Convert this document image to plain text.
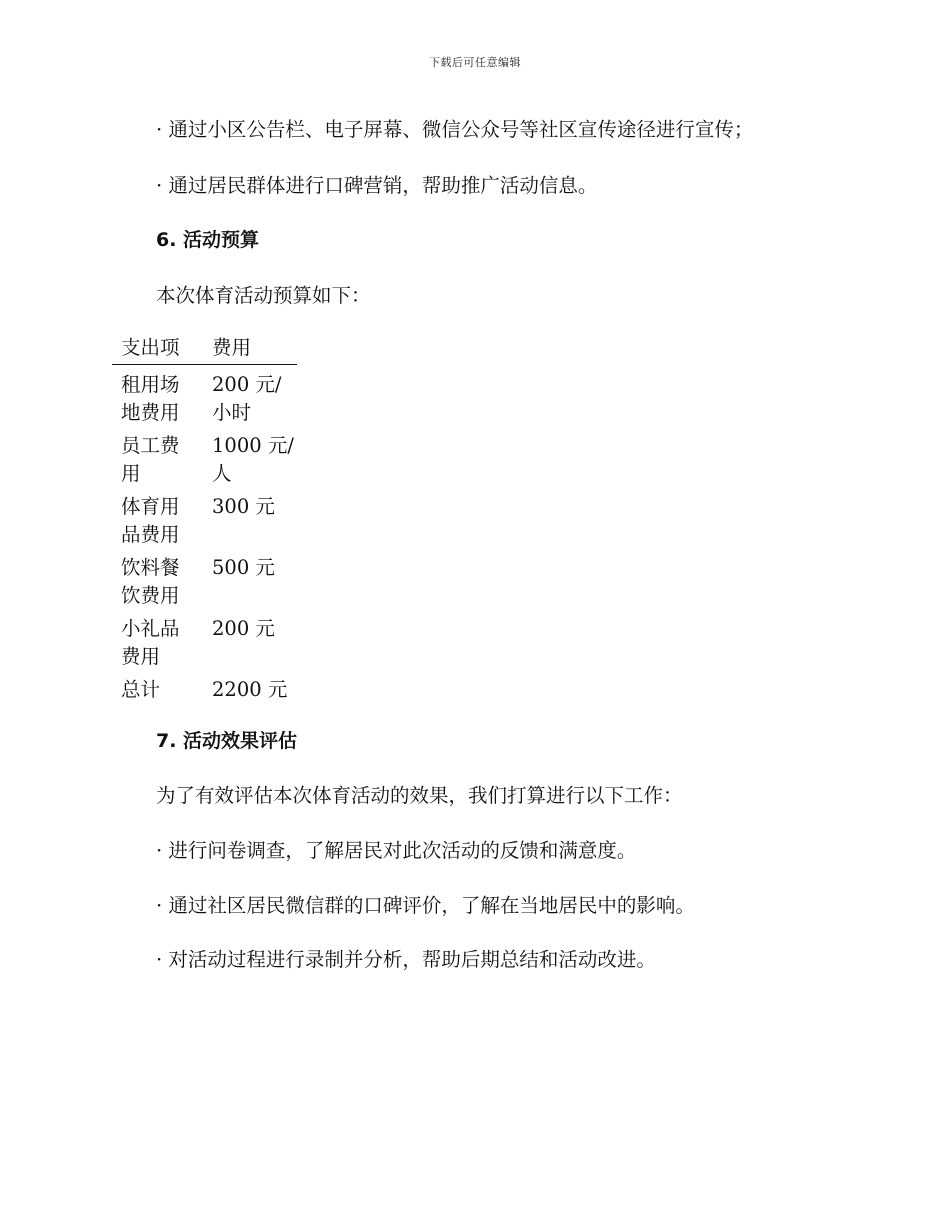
下载后可任意编辑
· 通过小区公告栏、电子屏幕、微信公众号等社区宣传途径进行宣传；
· 通过居民群体进行口碑营销，帮助推广活动信息。
6. 活动预算
本次体育活动预算如下：
支出项	费用
租用场地费用	200 元/小时
员工费用	1000 元/人
体育用品费用	300 元
饮料餐饮费用	500 元
小礼品费用	200 元
总计	2200 元
7. 活动效果评估
为了有效评估本次体育活动的效果，我们打算进行以下工作：
· 进行问卷调查，了解居民对此次活动的反馈和满意度。
· 通过社区居民微信群的口碑评价，了解在当地居民中的影响。
· 对活动过程进行录制并分析，帮助后期总结和活动改进。
